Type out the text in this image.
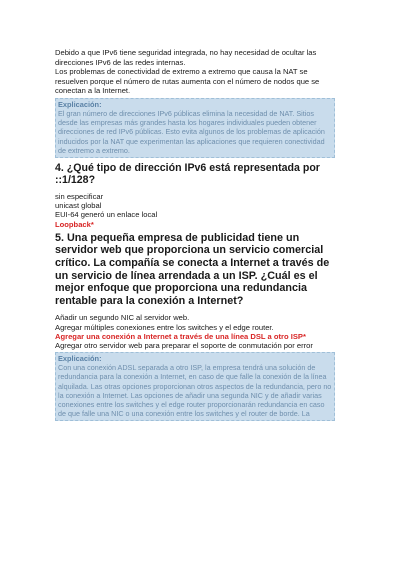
Debido a que IPv6 tiene seguridad integrada, no hay necesidad de ocultar las direcciones IPv6 de las redes internas.

Los problemas de conectividad de extremo a extremo que causa la NAT se resuelven porque el número de rutas aumenta con el número de nodos que se conectan a la Internet.

Explicación:
El gran número de direcciones IPv6 públicas elimina la necesidad de NAT. Sitios desde las empresas más grandes hasta los hogares individuales pueden obtener direcciones de red IPv6 públicas. Esto evita algunos de los problemas de aplicación inducidos por la NAT que experimentan las aplicaciones que requieren conectividad de extremo a extremo.
4. ¿Qué tipo de dirección IPv6 está representada por ::1/128?
sin especificar
unicast global
EUI-64 generó un enlace local
Loopback*
5. Una pequeña empresa de publicidad tiene un servidor web que proporciona un servicio comercial crítico. La compañía se conecta a Internet a través de un servicio de línea arrendada a un ISP. ¿Cuál es el mejor enfoque que proporciona una redundancia rentable para la conexión a Internet?
Añadir un segundo NIC al servidor web.
Agregar múltiples conexiones entre los switches y el edge router.
Agregar una conexión a Internet a través de una línea DSL a otro ISP*
Agregar otro servidor web para preparar el soporte de conmutación por error
Explicación:
Con una conexión ADSL separada a otro ISP, la empresa tendrá una solución de redundancia para la conexión a Internet, en caso de que falle la conexión de la línea alquilada. Las otras opciones proporcionan otros aspectos de la redundancia, pero no la conexión a Internet. Las opciones de añadir una segunda NIC y de añadir varias conexiones entre los switches y el edge router proporcionarán redundancia en caso de que falle una NIC o una conexión entre los switches y el router de borde. La
